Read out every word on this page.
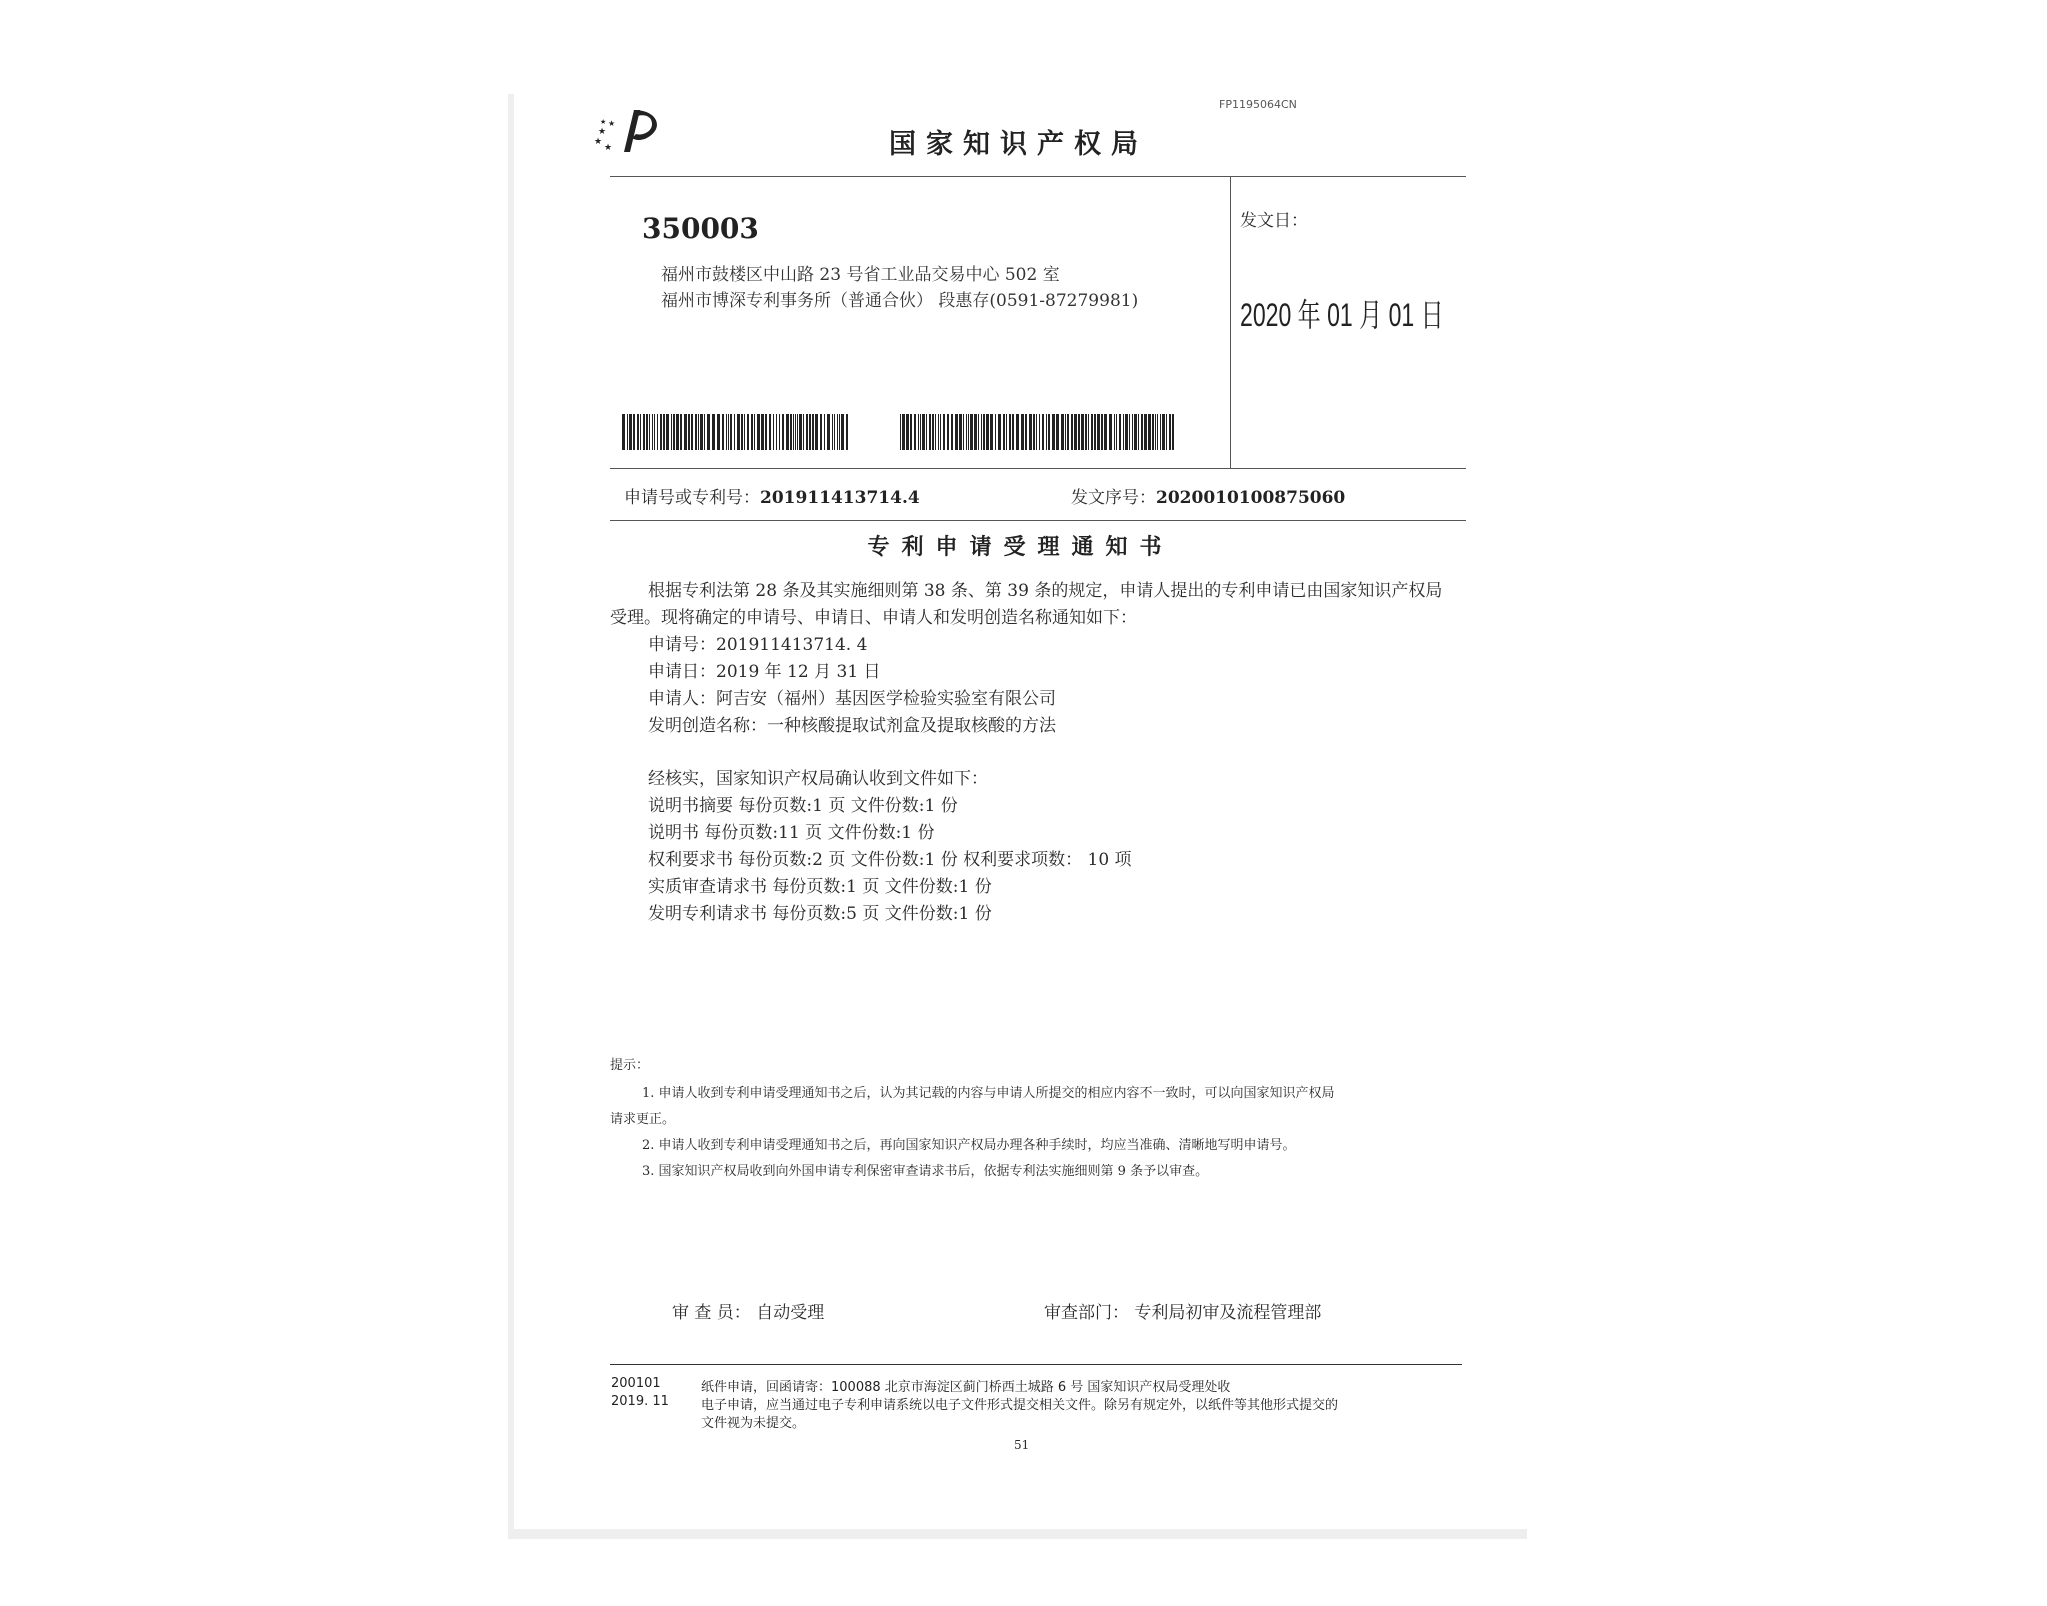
★
★
★
★
★
FP1195064CN
国家知识产权局
350003
福州市鼓楼区中山路 23 号省工业品交易中心 502 室
福州市博深专利事务所（普通合伙） 段惠存(0591-87279981)
发文日：
2020 年 01 月 01 日
申请号或专利号：201911413714.4	发文序号：2020010100875060
专利申请受理通知书
根据专利法第 28 条及其实施细则第 38 条、第 39 条的规定，申请人提出的专利申请已由国家知识产权局
受理。现将确定的申请号、申请日、申请人和发明创造名称通知如下：
申请号：201911413714. 4
申请日：2019 年 12 月 31 日
申请人：阿吉安（福州）基因医学检验实验室有限公司
发明创造名称：一种核酸提取试剂盒及提取核酸的方法
经核实，国家知识产权局确认收到文件如下：
说明书摘要 每份页数:1 页 文件份数:1 份
说明书 每份页数:11 页 文件份数:1 份
权利要求书 每份页数:2 页 文件份数:1 份 权利要求项数： 10 项
实质审查请求书 每份页数:1 页 文件份数:1 份
发明专利请求书 每份页数:5 页 文件份数:1 份
提示：
1. 申请人收到专利申请受理通知书之后，认为其记载的内容与申请人所提交的相应内容不一致时，可以向国家知识产权局
请求更正。
2. 申请人收到专利申请受理通知书之后，再向国家知识产权局办理各种手续时，均应当准确、清晰地写明申请号。
3. 国家知识产权局收到向外国申请专利保密审查请求书后，依据专利法实施细则第 9 条予以审查。
审 查 员： 自动受理	审查部门： 专利局初审及流程管理部
200101
2019. 11
纸件申请，回函请寄：100088 北京市海淀区蓟门桥西土城路 6 号 国家知识产权局受理处收
电子申请，应当通过电子专利申请系统以电子文件形式提交相关文件。除另有规定外，以纸件等其他形式提交的
文件视为未提交。
51
